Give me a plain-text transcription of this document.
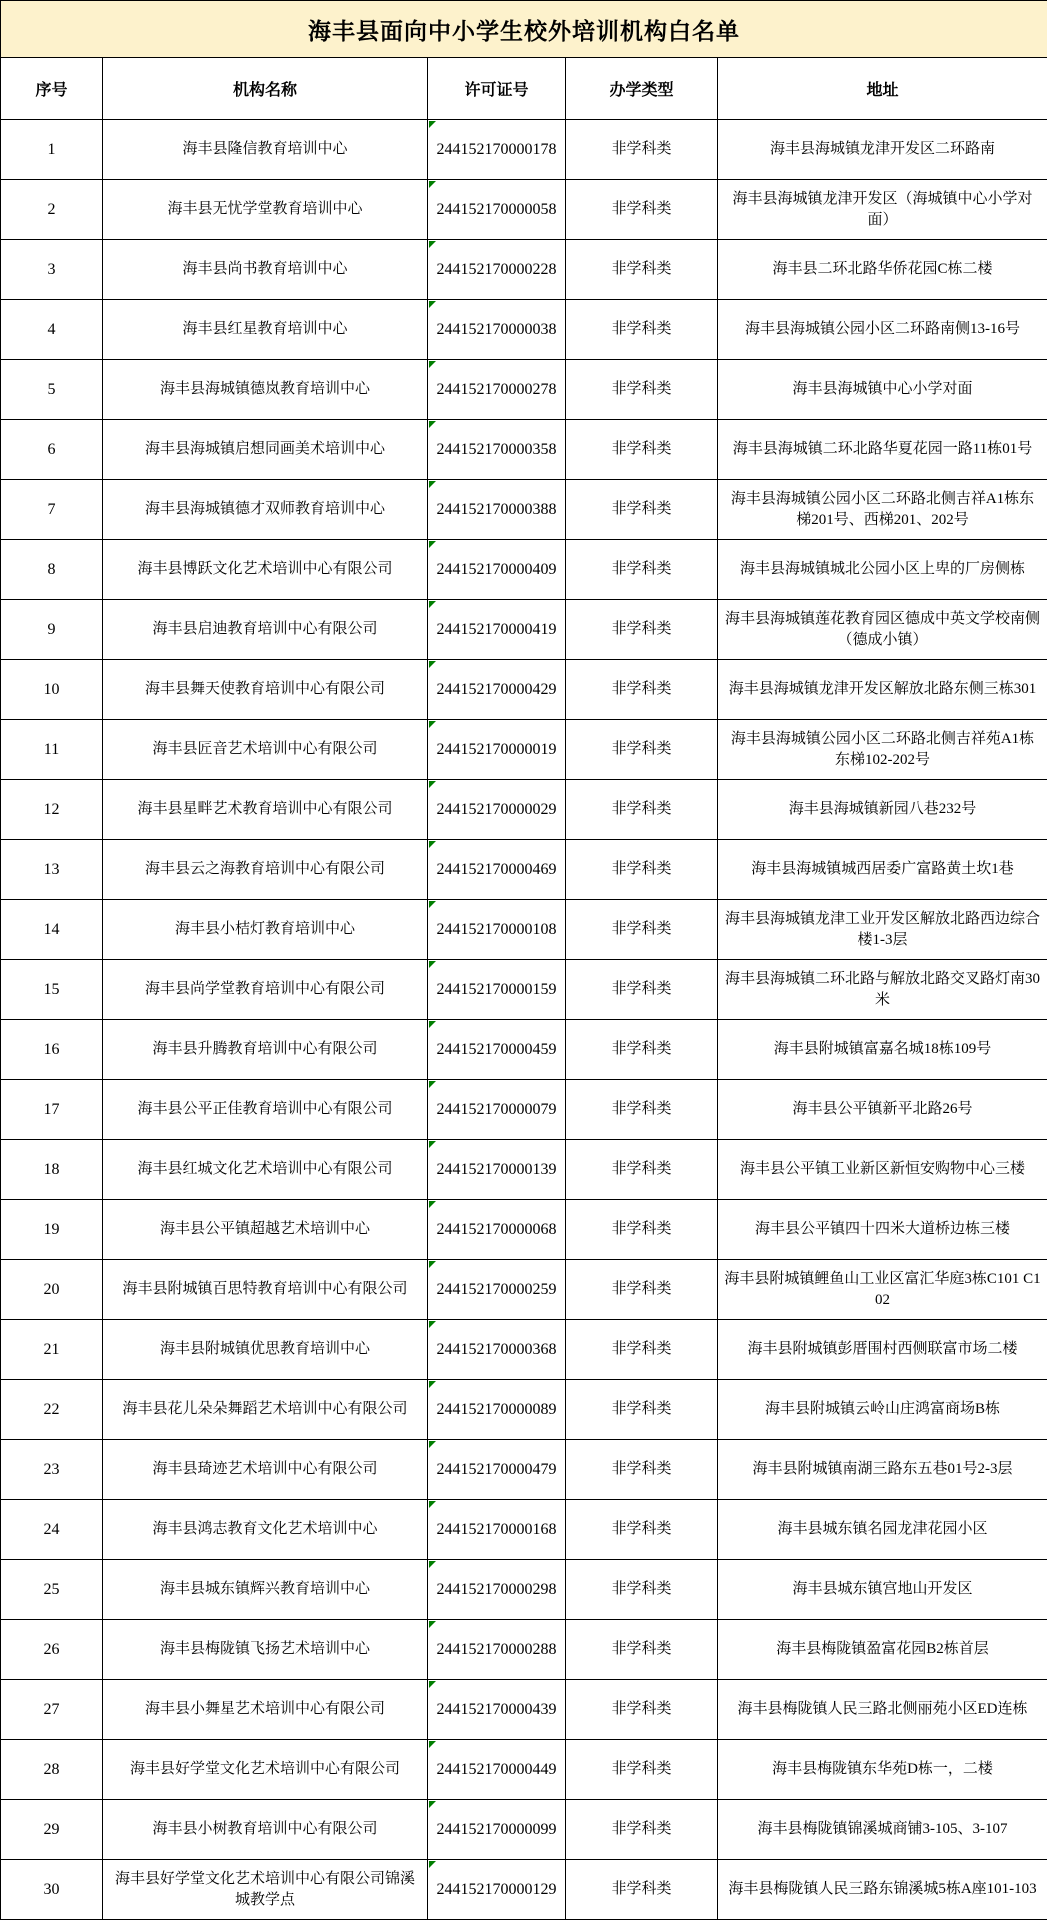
海丰县面向中小学生校外培训机构白名单				
序号	机构名称	许可证号	办学类型	地址
1	海丰县隆信教育培训中心	244152170000178	非学科类	海丰县海城镇龙津开发区二环路南
2	海丰县无忧学堂教育培训中心	244152170000058	非学科类	海丰县海城镇龙津开发区（海城镇中心小学对面）
3	海丰县尚书教育培训中心	244152170000228	非学科类	海丰县二环北路华侨花园C栋二楼
4	海丰县红星教育培训中心	244152170000038	非学科类	海丰县海城镇公园小区二环路南侧13-16号
5	海丰县海城镇德岚教育培训中心	244152170000278	非学科类	海丰县海城镇中心小学对面
6	海丰县海城镇启想同画美术培训中心	244152170000358	非学科类	海丰县海城镇二环北路华夏花园一路11栋01号
7	海丰县海城镇德才双师教育培训中心	244152170000388	非学科类	海丰县海城镇公园小区二环路北侧吉祥A1栋东梯201号、西梯201、202号
8	海丰县博跃文化艺术培训中心有限公司	244152170000409	非学科类	海丰县海城镇城北公园小区上卑的厂房侧栋
9	海丰县启迪教育培训中心有限公司	244152170000419	非学科类	海丰县海城镇莲花教育园区德成中英文学校南侧（德成小镇）
10	海丰县舞天使教育培训中心有限公司	244152170000429	非学科类	海丰县海城镇龙津开发区解放北路东侧三栋301
11	海丰县匠音艺术培训中心有限公司	244152170000019	非学科类	海丰县海城镇公园小区二环路北侧吉祥苑A1栋东梯102-202号
12	海丰县星畔艺术教育培训中心有限公司	244152170000029	非学科类	海丰县海城镇新园八巷232号
13	海丰县云之海教育培训中心有限公司	244152170000469	非学科类	海丰县海城镇城西居委广富路黄土坎1巷
14	海丰县小桔灯教育培训中心	244152170000108	非学科类	海丰县海城镇龙津工业开发区解放北路西边综合楼1-3层
15	海丰县尚学堂教育培训中心有限公司	244152170000159	非学科类	海丰县海城镇二环北路与解放北路交叉路灯南30米
16	海丰县升腾教育培训中心有限公司	244152170000459	非学科类	海丰县附城镇富嘉名城18栋109号
17	海丰县公平正佳教育培训中心有限公司	244152170000079	非学科类	海丰县公平镇新平北路26号
18	海丰县红城文化艺术培训中心有限公司	244152170000139	非学科类	海丰县公平镇工业新区新恒安购物中心三楼
19	海丰县公平镇超越艺术培训中心	244152170000068	非学科类	海丰县公平镇四十四米大道桥边栋三楼
20	海丰县附城镇百思特教育培训中心有限公司	244152170000259	非学科类	海丰县附城镇鲤鱼山工业区富汇华庭3栋C101 C102
21	海丰县附城镇优思教育培训中心	244152170000368	非学科类	海丰县附城镇彭厝围村西侧联富市场二楼
22	海丰县花儿朵朵舞蹈艺术培训中心有限公司	244152170000089	非学科类	海丰县附城镇云岭山庄鸿富商场B栋
23	海丰县琦迹艺术培训中心有限公司	244152170000479	非学科类	海丰县附城镇南湖三路东五巷01号2-3层
24	海丰县鸿志教育文化艺术培训中心	244152170000168	非学科类	海丰县城东镇名园龙津花园小区
25	海丰县城东镇辉兴教育培训中心	244152170000298	非学科类	海丰县城东镇宫地山开发区
26	海丰县梅陇镇飞扬艺术培训中心	244152170000288	非学科类	海丰县梅陇镇盈富花园B2栋首层
27	海丰县小舞星艺术培训中心有限公司	244152170000439	非学科类	海丰县梅陇镇人民三路北侧丽苑小区ED连栋
28	海丰县好学堂文化艺术培训中心有限公司	244152170000449	非学科类	海丰县梅陇镇东华苑D栋一，二楼
29	海丰县小树教育培训中心有限公司	244152170000099	非学科类	海丰县梅陇镇锦溪城商铺3-105、3-107
30	海丰县好学堂文化艺术培训中心有限公司锦溪城教学点	244152170000129	非学科类	海丰县梅陇镇人民三路东锦溪城5栋A座101-103
